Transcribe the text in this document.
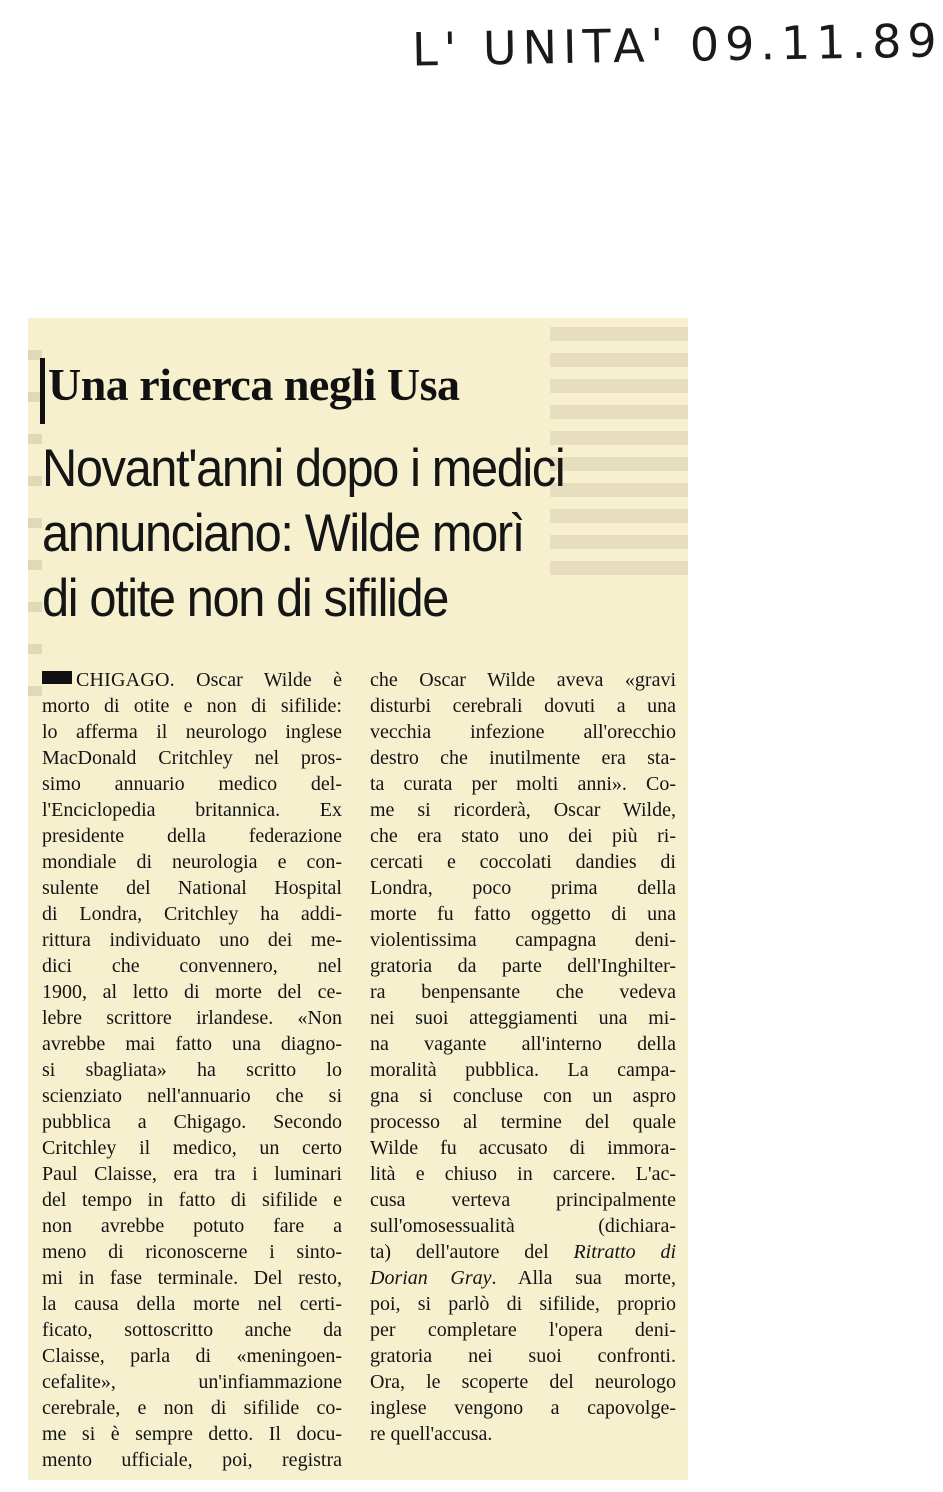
L' UNITA' 09.11.89
Una ricerca negli Usa
Novant'anni dopo i medici
annunciano: Wilde morì
di otite non di sifilide
CHIGAGO. Oscar Wilde è
morto di otite e non di sifilide:
lo afferma il neurologo inglese
MacDonald Critchley nel pros-
simo annuario medico del-
l'Enciclopedia britannica. Ex
presidente della federazione
mondiale di neurologia e con-
sulente del National Hospital
di Londra, Critchley ha addi-
rittura individuato uno dei me-
dici che convennero, nel
1900, al letto di morte del ce-
lebre scrittore irlandese. «Non
avrebbe mai fatto una diagno-
si sbagliata» ha scritto lo
scienziato nell'annuario che si
pubblica a Chigago. Secondo
Critchley il medico, un certo
Paul Claisse, era tra i luminari
del tempo in fatto di sifilide e
non avrebbe potuto fare a
meno di riconoscerne i sinto-
mi in fase terminale. Del resto,
la causa della morte nel certi-
ficato, sottoscritto anche da
Claisse, parla di «meningoen-
cefalite», un'infiammazione
cerebrale, e non di sifilide co-
me si è sempre detto. Il docu-
mento ufficiale, poi, registra
che Oscar Wilde aveva «gravi
disturbi cerebrali dovuti a una
vecchia infezione all'orecchio
destro che inutilmente era sta-
ta curata per molti anni». Co-
me si ricorderà, Oscar Wilde,
che era stato uno dei più ri-
cercati e coccolati dandies di
Londra, poco prima della
morte fu fatto oggetto di una
violentissima campagna deni-
gratoria da parte dell'Inghilter-
ra benpensante che vedeva
nei suoi atteggiamenti una mi-
na vagante all'interno della
moralità pubblica. La campa-
gna si concluse con un aspro
processo al termine del quale
Wilde fu accusato di immora-
lità e chiuso in carcere. L'ac-
cusa verteva principalmente
sull'omosessualità (dichiara-
ta) dell'autore del Ritratto di
Dorian Gray. Alla sua morte,
poi, si parlò di sifilide, proprio
per completare l'opera deni-
gratoria nei suoi confronti.
Ora, le scoperte del neurologo
inglese vengono a capovolge-
re quell'accusa.
